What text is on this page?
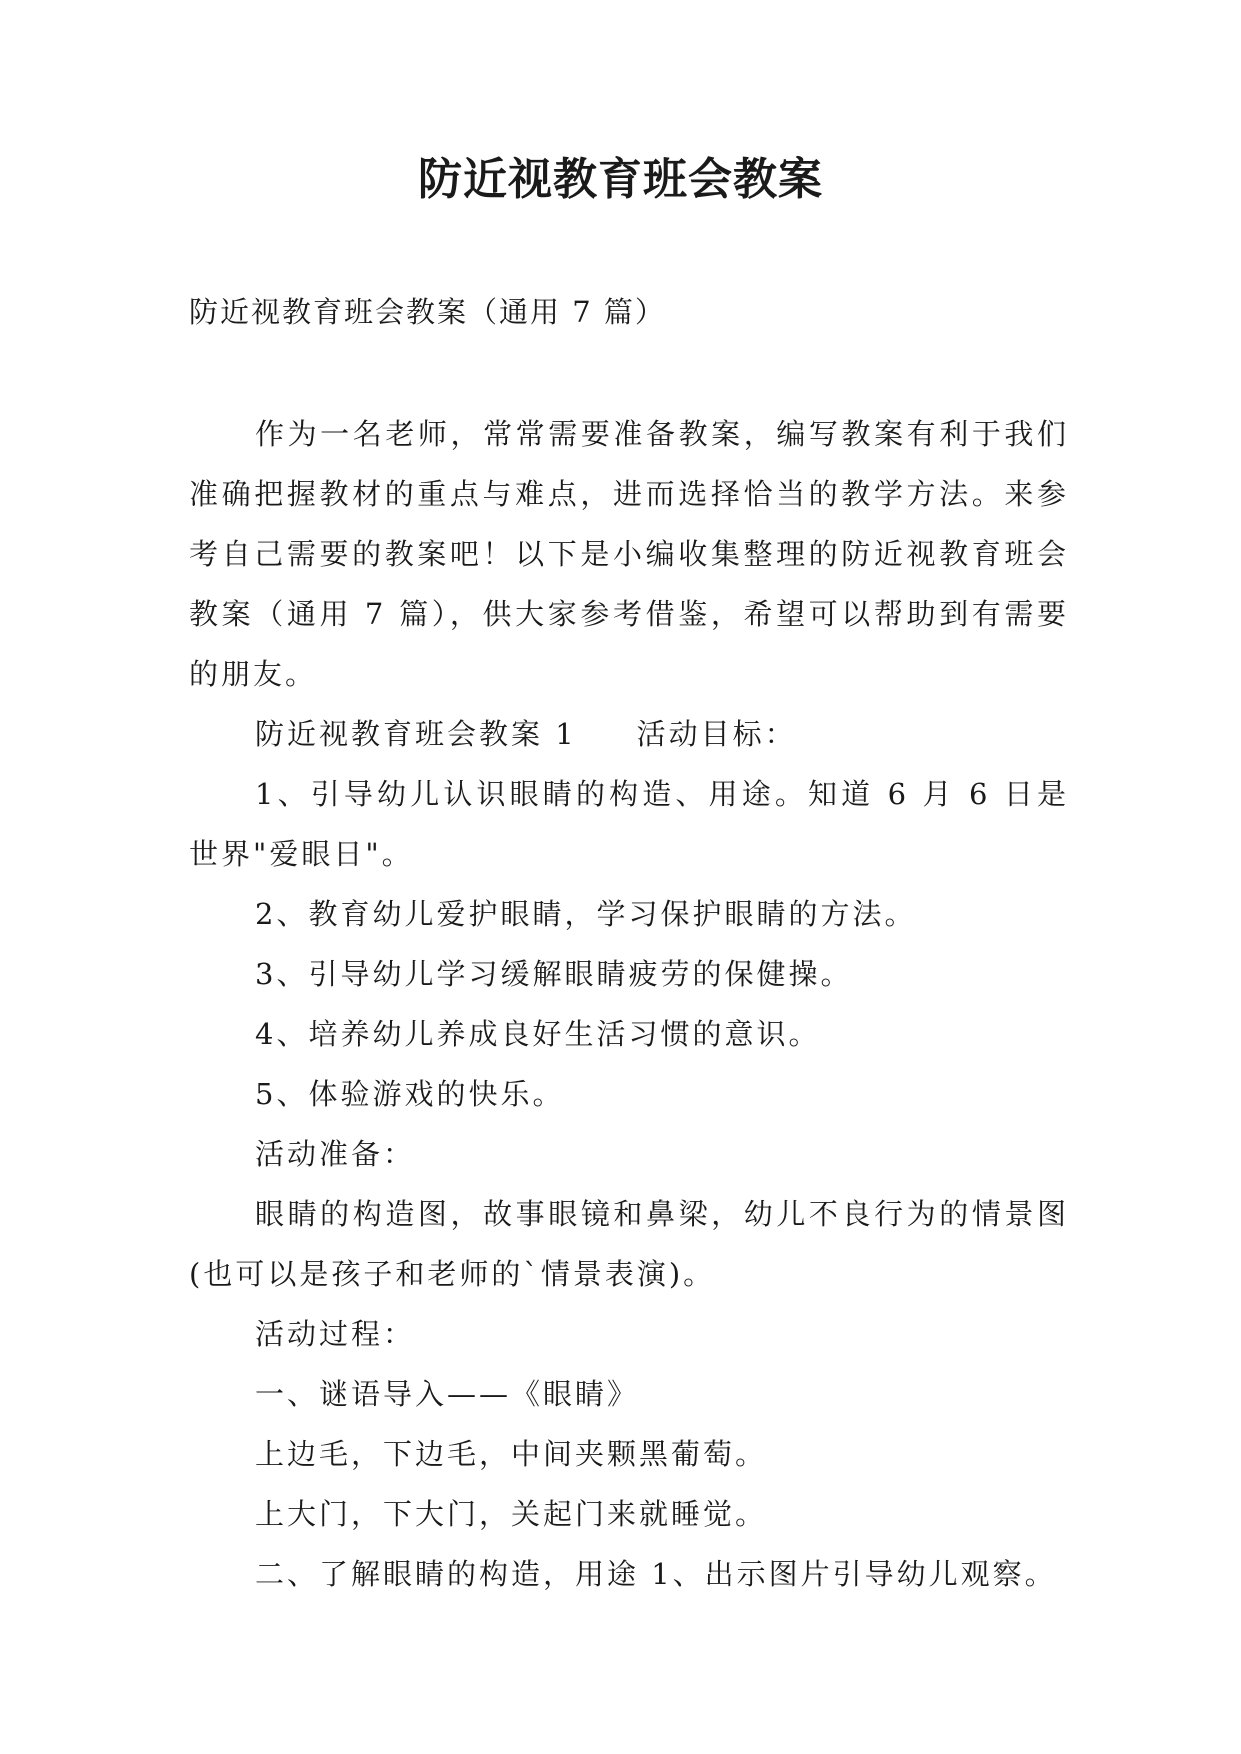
防近视教育班会教案
防近视教育班会教案（通用 7 篇）

作为一名老师，常常需要准备教案，编写教案有利于我们准确把握教材的重点与难点，进而选择恰当的教学方法。来参考自己需要的教案吧！以下是小编收集整理的防近视教育班会教案（通用 7 篇），供大家参考借鉴，希望可以帮助到有需要的朋友。

防近视教育班会教案 1 活动目标：

1、引导幼儿认识眼睛的构造、用途。知道 6 月 6 日是世界"爱眼日"。

2、教育幼儿爱护眼睛，学习保护眼睛的方法。

3、引导幼儿学习缓解眼睛疲劳的保健操。

4、培养幼儿养成良好生活习惯的意识。

5、体验游戏的快乐。

活动准备：

眼睛的构造图，故事眼镜和鼻梁，幼儿不良行为的情景图(也可以是孩子和老师的`情景表演)。

活动过程：

一、谜语导入——《眼睛》

上边毛，下边毛，中间夹颗黑葡萄。

上大门，下大门，关起门来就睡觉。

二、了解眼睛的构造，用途 1、出示图片引导幼儿观察。
